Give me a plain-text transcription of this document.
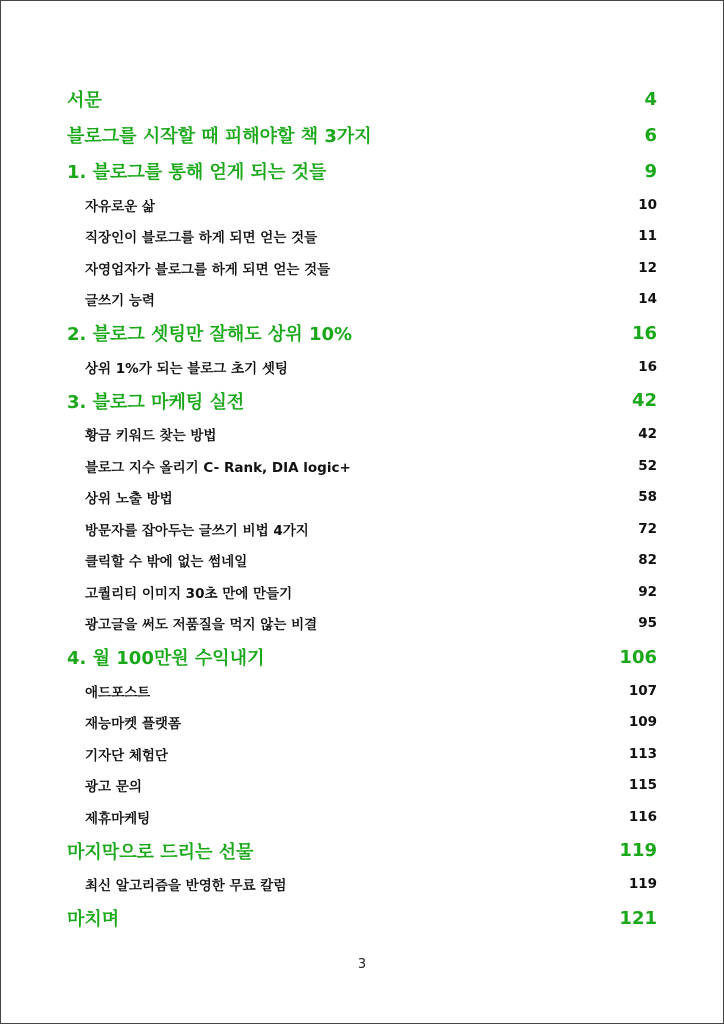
서문	4
블로그를 시작할 때 피해야할 책 3가지	6
1. 블로그를 통해 얻게 되는 것들	9
자유로운 삶	10
직장인이 블로그를 하게 되면 얻는 것들	11
자영업자가 블로그를 하게 되면 얻는 것들	12
글쓰기 능력	14
2. 블로그 셋팅만 잘해도 상위 10%	16
상위 1%가 되는 블로그 초기 셋팅	16
3. 블로그 마케팅 실전	42
황금 키워드 찾는 방법	42
블로그 지수 올리기 C- Rank, DIA logic+	52
상위 노출 방법	58
방문자를 잡아두는 글쓰기 비법 4가지	72
클릭할 수 밖에 없는 썸네일	82
고퀄리티 이미지 30초 만에 만들기	92
광고글을 써도 저품질을 먹지 않는 비결	95
4. 월 100만원 수익내기	106
애드포스트	107
재능마켓 플랫폼	109
기자단 체험단	113
광고 문의	115
제휴마케팅	116
마지막으로 드리는 선물	119
최신 알고리즘을 반영한 무료 칼럼	119
마치며	121
3
